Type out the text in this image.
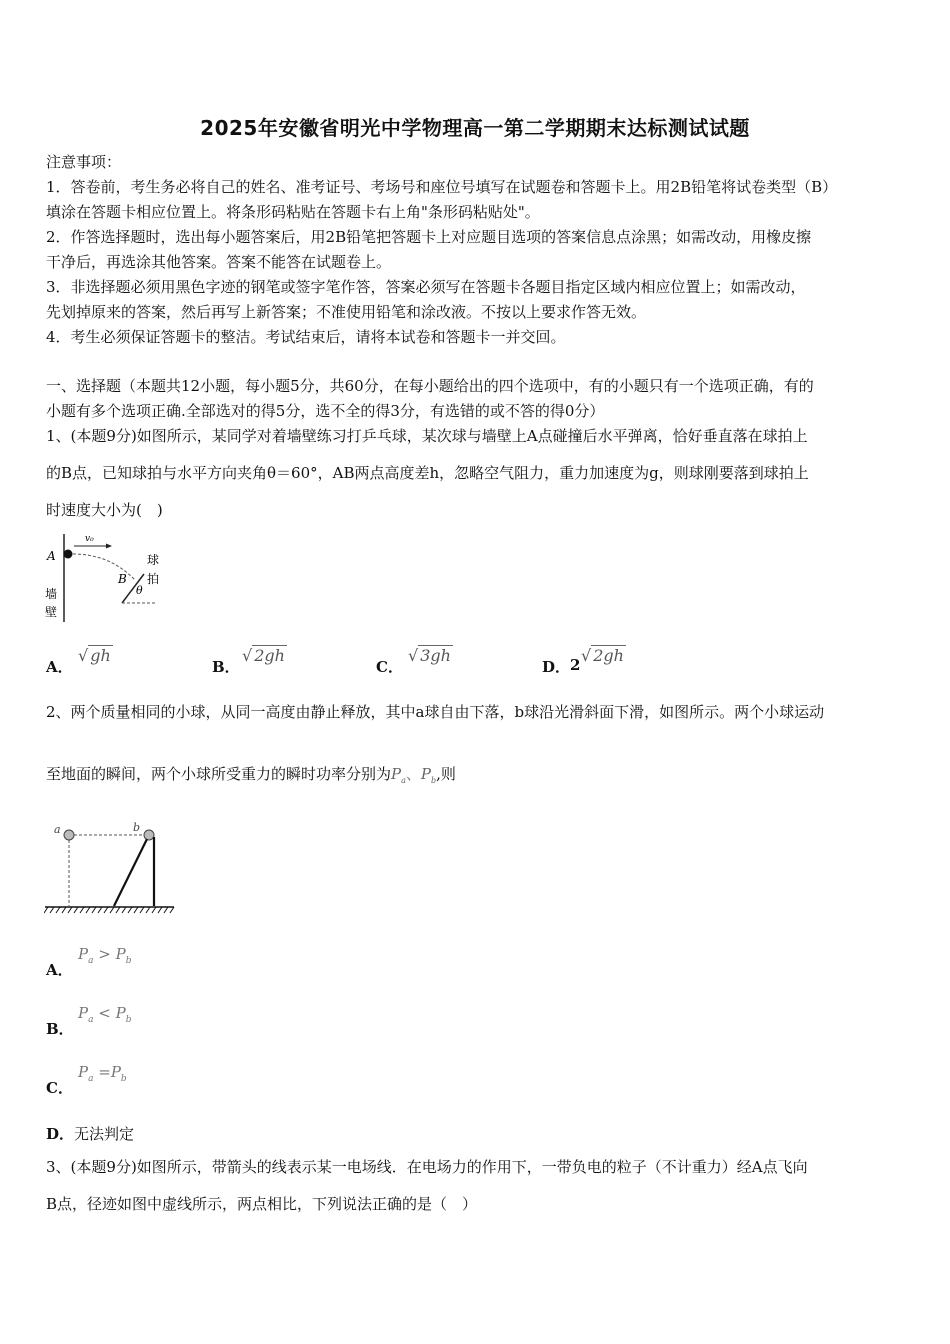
2025年安徽省明光中学物理高一第二学期期末达标测试试题
注意事项：
1．答卷前，考生务必将自己的姓名、准考证号、考场号和座位号填写在试题卷和答题卡上。用2B铅笔将试卷类型（B）
填涂在答题卡相应位置上。将条形码粘贴在答题卡右上角"条形码粘贴处"。
2．作答选择题时，选出每小题答案后，用2B铅笔把答题卡上对应题目选项的答案信息点涂黑；如需改动，用橡皮擦
干净后，再选涂其他答案。答案不能答在试题卷上。
3．非选择题必须用黑色字迹的钢笔或签字笔作答，答案必须写在答题卡各题目指定区域内相应位置上；如需改动，
先划掉原来的答案，然后再写上新答案；不准使用铅笔和涂改液。不按以上要求作答无效。
4．考生必须保证答题卡的整洁。考试结束后，请将本试卷和答题卡一并交回。
一、选择题（本题共12小题，每小题5分，共60分，在每小题给出的四个选项中，有的小题只有一个选项正确，有的
小题有多个选项正确.全部选对的得5分，选不全的得3分，有选错的或不答的得0分）
1、(本题9分)如图所示，某同学对着墙壁练习打乒乓球，某次球与墙壁上A点碰撞后水平弹离，恰好垂直落在球拍上
的B点，已知球拍与水平方向夹角θ＝60°，AB两点高度差h，忽略空气阻力，重力加速度为g，则球刚要落到球拍上
时速度大小为(　)
A
v₀
B
θ
墙
壁
球
拍
A．
√ gh
B．
√ 2gh
C．
√ 3gh
D． 2 √ 2gh
2、两个质量相同的小球，从同一高度由静止释放，其中a球自由下落，b球沿光滑斜面下滑，如图所示。两个小球运动
至地面的瞬间，两个小球所受重力的瞬时功率分别为$P_a$、$P_b$,则
a	b
A．
$P_a > P_b$
B．
$P_a < P_b$
C．
$P_a =P_b$
D． 无法判定
3、(本题9分)如图所示，带箭头的线表示某一电场线．在电场力的作用下，一带负电的粒子（不计重力）经A点飞向
B点，径迹如图中虚线所示，两点相比，下列说法正确的是（　）
